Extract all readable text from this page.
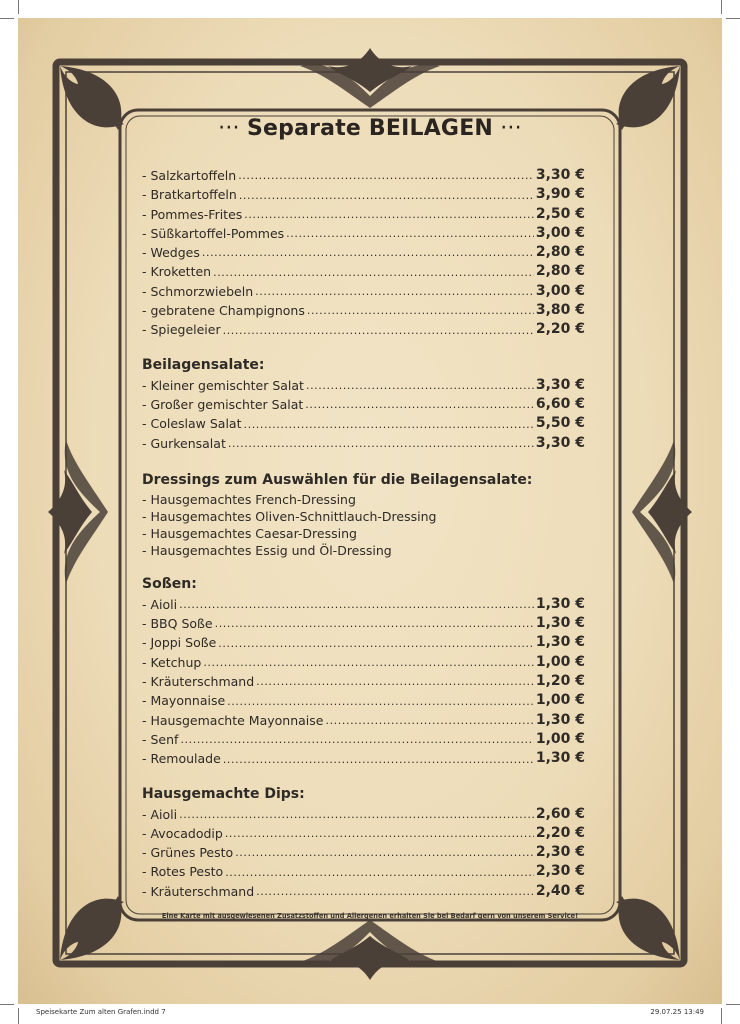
··· Separate BEILAGEN ···
- Salzkartoffeln .....	3,30 €
- Bratkartoffeln .....	3,90 €
- Pommes-Frites .....	2,50 €
- Süßkartoffel-Pommes .....	3,00 €
- Wedges .....	2,80 €
- Kroketten .....	2,80 €
- Schmorzwiebeln .....	3,00 €
- gebratene Champignons .....	3,80 €
- Spiegeleier .....	2,20 €
Beilagensalate:
- Kleiner gemischter Salat .....	3,30 €
- Großer gemischter Salat .....	6,60 €
- Coleslaw Salat .....	5,50 €
- Gurkensalat .....	3,30 €
Dressings zum Auswählen für die Beilagensalate:
- Hausgemachtes French-Dressing
- Hausgemachtes Oliven-Schnittlauch-Dressing
- Hausgemachtes Caesar-Dressing
- Hausgemachtes Essig und Öl-Dressing
Soßen:
- Aioli .....	1,30 €
- BBQ Soße .....	1,30 €
- Joppi Soße .....	1,30 €
- Ketchup .....	1,00 €
- Kräuterschmand .....	1,20 €
- Mayonnaise .....	1,00 €
- Hausgemachte Mayonnaise .....	1,30 €
- Senf .....	1,00 €
- Remoulade .....	1,30 €
Hausgemachte Dips:
- Aioli .....	2,60 €
- Avocadodip .....	2,20 €
- Grünes Pesto .....	2,30 €
- Rotes Pesto .....	2,30 €
- Kräuterschmand .....	2,40 €
Eine Karte mit ausgewiesenen Zusatzstoffen und Allergenen erhalten Sie bei Bedarf gern von unserem Service!
Speisekarte Zum alten Grafen.indd 7	29.07.25 13:49
